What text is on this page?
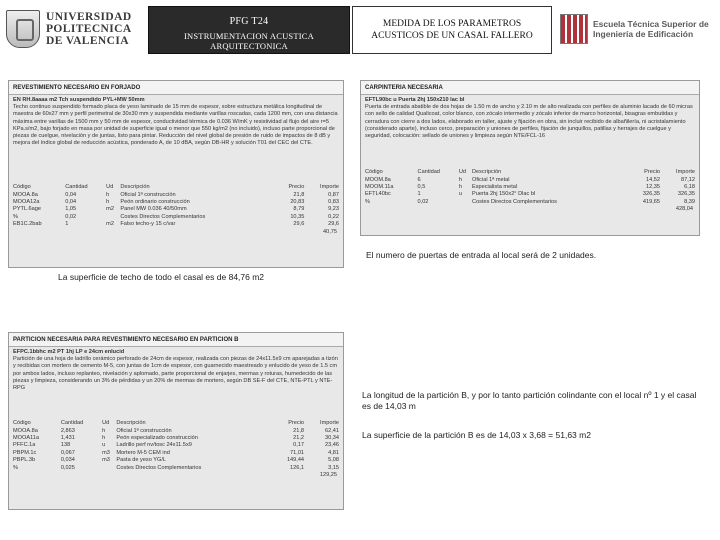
UNIVERSIDAD
POLITECNICA
DE VALENCIA
PFG T24
INSTRUMENTACION ACUSTICA ARQUITECTONICA
CURSO 2010/2011
MEDIDA DE LOS PARAMETROS
ACUSTICOS DE UN CASAL FALLERO
Escuela Técnica Superior de
Ingeniería de Edificación
REVESTIMIENTO NECESARIO EN FORJADO
EN RH.8aaaa m2 Tch suspendido PYL+MW 50mm
Techo continuo suspendido formado placa de yeso laminado de 15 mm de espesor, sobre estructura metálica longitudinal de maestra de 60x27 mm y perfil perimetral de 30x30 mm y suspendida mediante varillas roscadas, cada 1200 mm, con una distancia máxima entre varillas de 1500 mm y 50 mm de espesor, conductividad térmica de 0.036 W/mK y resistividad al flujo del aire r=5 KPa.s/m2, bajo forjado en masa por unidad de superficie igual o menor que 550 kg/m2 (no incluido), incluso parte proporcional de piezas de cuelgue, nivelación y de juntas, listo para pintar. Reducción del nivel global de presión de ruido de impactos de 8 dB y mejora del índice global de reducción acústica, ponderado A, de 10 dBA, según DB-HR y solución T01 del CEC del CTE.
Código	Cantidad	Ud	Descripción	Precio	Importe
MOOA.8a	0,04	h	Oficial 1ª construcción	21,8	0,87
MOOA12a	0,04	h	Peón ordinario construcción	20,83	0,83
PYTL.6age	1,05	m2	Panel MW 0.036 40/50mm	8,79	9,23
%	0,02		Costes Directos Complementarios	10,35	0,22
EB1C.2bab	1	m2	Falso techo-y 15 c/var	29,6	29,6
40,75
CARPINTERIA NECESARIA
EFTL90bc u Puerta 2hj 150x210 lac bl
Puerta de entrada abatible de dos hojas de 1.50 m de ancho y 2.10 m de alto realizada con perfiles de aluminio lacado de 60 micras con sello de calidad Qualicoat, color blanco, con zócalo intermedio y zócalo inferior de marco horizontal, bisagras embutidas y cerradura con cierre a dos lados, elaborado en taller, ajuste y fijación en obra, sin incluir recibido de albañilería, ni acristalamiento (considerado aparte), incluso cerco, preparación y uniones de perfiles, fijación de junquillos, patillas y herrajes de cuelgue y seguridad, colocación: sellado de uniones y limpieza según NTE/FCL-16
Código	Cantidad	Ud	Descripción	Precio	Importe
MOOM.8a	6	h	Oficial 1ª metal	14,52	87,12
MOOM.11a	0,5	h	Especialista metal	12,35	6,18
EFTL40bc	1	u	Puerta 2hj 150x2° Dlac bl	326,35	326,35
%	0,02		Costes Directos Complementarios	419,65	8,39
428,04
El numero de puertas de entrada al local será de 2 unidades.
La superficie de techo de todo el casal es de 84,76 m2
PARTICION NECESARIA PARA REVESTIMIENTO NECESARIO EN PARTICION B
EFPC.1bbhc m2 PT 1hj LP e 24cm enlucid
Partición de una hoja de ladrillo cerámico perforado de 24cm de espesor, realizada con piezas de 24x11.5x9 cm aparejadas a tizón y recibidas con mortero de cemento M-5, con juntas de 1cm de espesor, con guarnecido maestreado y enlucido de yeso de 1.5 cm por ambos lados, incluso replanteo, nivelación y aplomado, parte proporcional de enjarjes, mermas y roturas, humedecido de las piezas y limpieza, considerando un 3% de pérdidas y un 20% de mermas de mortero, según DB SE-F del CTE, NTE-PTL y NTE-RPG
Código	Cantidad	Ud	Descripción	Precio	Importe
MOOA.8a	2,863	h	Oficial 1ª construcción	21,8	62,41
MOOA11a	1,431	h	Peón especializado construcción	21,2	30,34
PFFC.1a	138	u	Ladrillo perf nv/tosc 24x11.5x9	0,17	23,46
PBPM.1c	0,067	m3	Mortero M-5 CEM ind	71,01	4,81
PBPL.3b	0,034	m3	Pasta de yeso YG/L	149,44	5,08
%	0,025		Costes Directos Complementarios	126,1	3,15
129,25
La longitud de la partición B, y por lo tanto partición colindante con el local nº 1 y el casal es de 14,03 m
La superficie de la partición B es de 14,03 x 3,68 = 51,63 m2
